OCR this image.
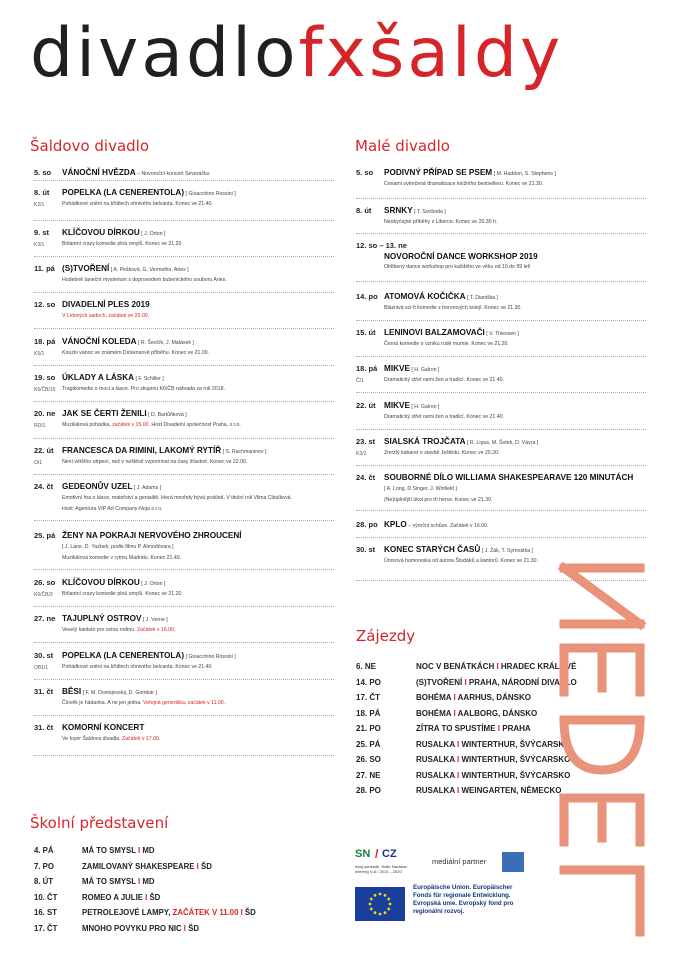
divadlofxšaldy
Šaldovo divadlo	Malé divadlo
5. so VÁNOČNÍ HVĚZDA – Novoroční koncert Severáčku
8. út POPELKA (LA CENERENTOLA) [ Gioacchino Rossini ]
K2/1	Pohádkové snění na křídlech ohnivého belcanta. Konec ve 21.40.
9. st KLÍČOVOU DÍRKOU [ J. Orton ]
K3/1	Brilantní crazy komedie plná omylů. Konec ve 21.20
11. pá (S)TVOŘENÍ [ A. Pešková, G. Vermelho, Aries ]
Hudebně taneční mysterium s doprovodem bubenického souboru Aries.
12. so DIVADELNÍ PLES 2019
V Lidových sadech, začátek ve 20.00.
18. pá VÁNOČNÍ KOLEDA [ R. Ševčík, J. Matásek ]
K5/1	Kouzlo vánoc ve známém Dickensově příběhu. Konec ve 21.00.
19. so ÚKLADY A LÁSKA [ F. Schiller ]
K6/ČB/10 Tragikomedie o moci a lásce. Pro skupinu K6/ČB náhrada za rok 2018.
20. ne JAK SE ČERTI ŽENILI [ D. Bartůňková ]
RD/1	Muzikálová pohádka, začátek v 15.00. Host Divadelní společnost Praha, s.r.o.
22. út FRANCESCA DA RIMINI, LAKOMÝ RYTÍŘ [ S. Rachmaninov ]
O/1	Není většího utrpení, než v neštěstí vzpomínat na časy šťastné. Konec ve 22.00.
24. čt GEDEONŮV UZEL [ J. Adams ]
Emotivní hra o lásce, mateřství a genialitě, která mnohdy bývá prokletí. V titulní roli Vilma Cibulková.
Host: Agentura VIP Art Company-Noja s.r.o.
25. pá ŽENY NA POKRAJI NERVOVÉHO ZHROUCENÍ
[ J. Lane, D. Yazbek, podle filmu P. Almodóvara ]
Muzikálová komedie v rytmu Madridu. Konec 21.40.
26. so KLÍČOVOU DÍRKOU [ J. Orton ]
K6/ČB/3 Brilantní crazy komedie plná omylů. Konec ve 21.20
27. ne TAJUPLNÝ OSTROV [ J. Verne ]
Veselý kankán pro celou rodinu. Začátek v 16.00.
30. st POPELKA (LA CENERENTOLA) [ Gioacchino Rossini ]
OB1/1	Pohádkové snění na křídlech ohnivého belcanta. Konec ve 21.40.
31. čt BĚSI [ F. M. Dostojevskij, D. Gombár ]
Člověk je hádanka. A ne jen jedna. Veřejná generálka, začátek v 11.00.
31. čt KOMORNÍ KONCERT
Ve foyer Šaldova divadla. Začátek v 17.00.
5. so PODIVNÝ PŘÍPAD SE PSEM [ M. Haddon, S. Stephens ]
Cenami ověnčená dramatizace knižního bestselleru. Konec ve 21.30.
8. út SRNKY [ T. Svoboda ]
Neobyčejné příběhy z Liberce. Konec ve 20.30 h.
12. so – 13. ne
NOVOROČNÍ DANCE WORKSHOP 2019
Oblíbený dance workshop pro každého ve věku od 10 do 99 let!
14. po ATOMOVÁ KOČIČKA [ T. Dianiška ]
Bláznivá sci-fi komedie z hororových kolejí. Konec ve 21.30.
15. út LENINOVI BALZAMOVAČI [ V. Thiessen ]
Černá komedie o vzniku rudé mumie. Konec ve 21.20.
18. pá MIKVE [ H. Galron ]
Č/1	Dramatický střet osmi žen a tradicí. Konec ve 21.40.
22. út MIKVE [ H. Galron ]
Dramatický střet osmi žen a tradicí. Konec ve 21.40.
23. st SIALSKÁ TROJČATA [ R. Lipus, M. Šotek, D. Vávra ]
K3/2	Zmrzlý kabaret o stavbě Ještědu. Konec ve 20.30.
24. čt SOUBORNÉ DÍLO WILLIAMA SHAKESPEARAVE 120 MINUTÁCH
[ A. Long, D Singer, J. Winfield ]
(Ne)úplnější úkol pro tři herce. Konec ve 21.30.
28. po KPLO – výroční schůze. Začátek v 16.00.
30. st KONEC STARÝCH ČASŮ [ J. Žák, T. Syrovátka ]
Únorová humoreska od autora Študáků a kantorů. Konec ve 21.30.
Zájezdy
6. NE	NOC V BENÁTKÁCH I HRADEC KRÁLOVÉ
14. PO	(S)TVOŘENÍ I PRAHA, NÁRODNÍ DIVADLO
17. ČT	BOHÉMA I AARHUS, DÁNSKO
18. PÁ	BOHÉMA I AALBORG, DÁNSKO
21. PO	ZÍTRA TO SPUSTÍME I PRAHA
25. PÁ	RUSALKA I WINTERTHUR, ŠVÝCARSKO
26. SO	RUSALKA I WINTERTHUR, ŠVÝCARSKO
27. NE	RUSALKA I WINTERTHUR, ŠVÝCARSKO
28. PO	RUSALKA I WEINGARTEN, NĚMECKO
Školní představení
4. PÁ	MÁ TO SMYSL I MD
7. PO	ZAMILOVANÝ SHAKESPEARE I ŠD
8. ÚT	MÁ TO SMYSL I MD
10. ČT	ROMEO A JULIE I ŠD
16. ST	PETROLEJOVÉ LAMPY, ZAČÁTEK V 11.00 I ŠD
17. ČT	MNOHO POVYKU PRO NIC I ŠD
LEDEN
SN / CZ
Ahoj sousede. Hallo Nachbar.
Interreg V-A / 2014 – 2020
mediální partner
Europäische Union. Europäischer
Fonds für regionale Entwicklung.
Evropská unie. Evropský fond pro
regionální rozvoj.
